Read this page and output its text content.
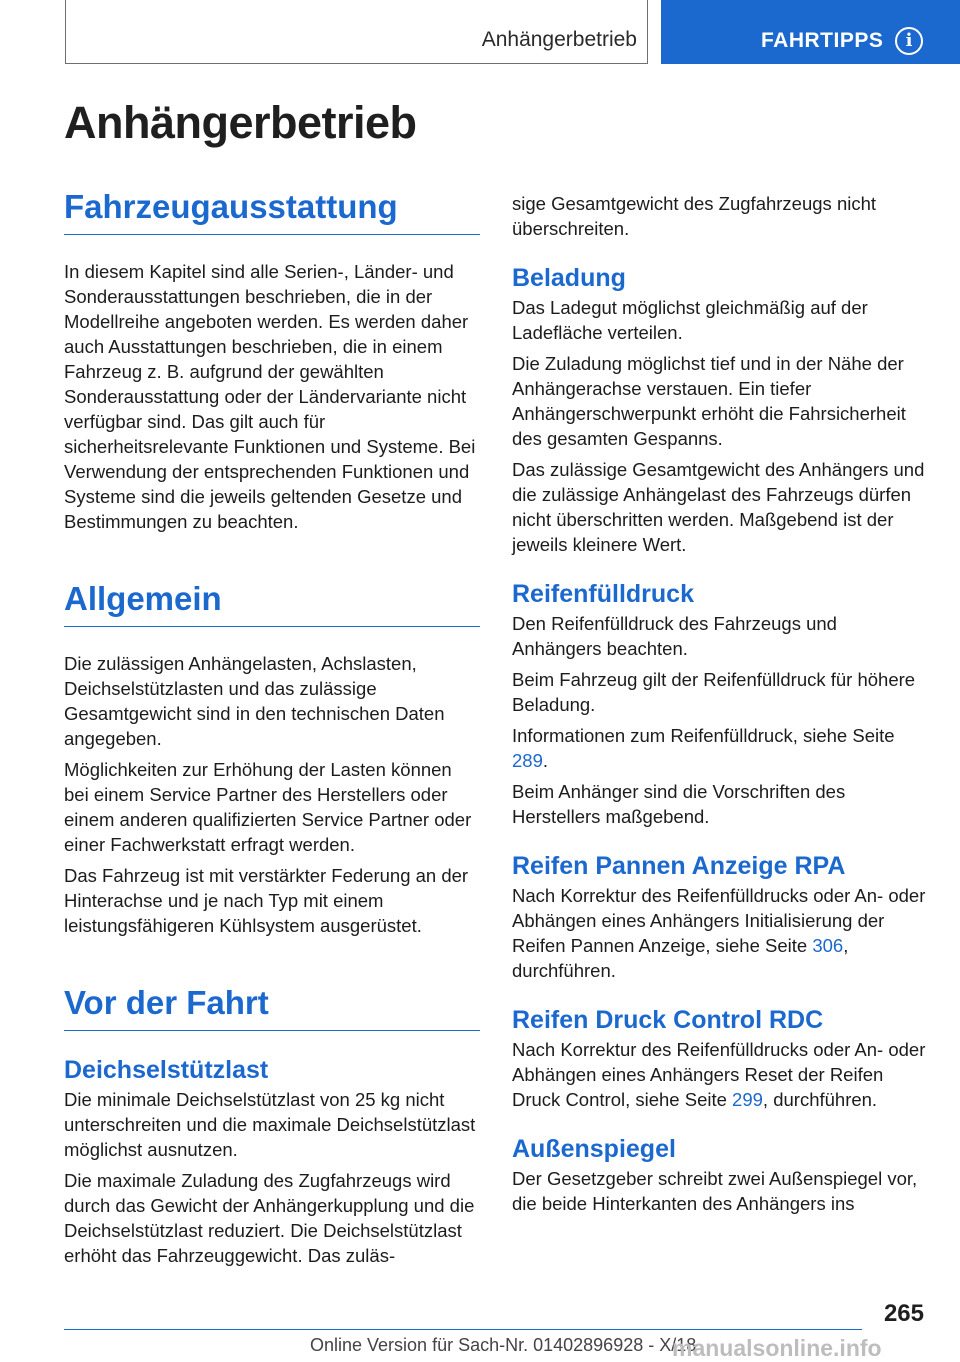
Anhängerbetrieb	FAHRTIPPS	i
Anhängerbetrieb
Fahrzeugausstattung

In diesem Kapitel sind alle Serien-, Länder- und Sonderausstattungen beschrieben, die in der Modellreihe angeboten werden. Es werden daher auch Ausstattungen beschrieben, die in einem Fahrzeug z. B. aufgrund der gewählten Sonderausstattung oder der Ländervariante nicht verfügbar sind. Das gilt auch für sicherheitsrelevante Funktionen und Systeme. Bei Verwendung der entsprechenden Funktionen und Systeme sind die jeweils geltenden Gesetze und Bestimmungen zu beachten.

Allgemein

Die zulässigen Anhängelasten, Achslasten, Deichselstützlasten und das zulässige Gesamtgewicht sind in den technischen Daten angegeben.

Möglichkeiten zur Erhöhung der Lasten können bei einem Service Partner des Herstellers oder einem anderen qualifizierten Service Partner oder einer Fachwerkstatt erfragt werden.

Das Fahrzeug ist mit verstärkter Federung an der Hinterachse und je nach Typ mit einem leistungsfähigeren Kühlsystem ausgerüstet.

Vor der Fahrt
Deichselstützlast

Die minimale Deichselstützlast von 25 kg nicht unterschreiten und die maximale Deichselstützlast möglichst ausnutzen.

Die maximale Zuladung des Zugfahrzeugs wird durch das Gewicht der Anhängerkupplung und die Deichselstützlast reduziert. Die Deichselstützlast erhöht das Fahrzeuggewicht. Das zuläs-

sige Gesamtgewicht des Zugfahrzeugs nicht überschreiten.

Beladung

Das Ladegut möglichst gleichmäßig auf der Ladefläche verteilen.

Die Zuladung möglichst tief und in der Nähe der Anhängerachse verstauen. Ein tiefer Anhängerschwerpunkt erhöht die Fahrsicherheit des gesamten Gespanns.

Das zulässige Gesamtgewicht des Anhängers und die zulässige Anhängelast des Fahrzeugs dürfen nicht überschritten werden. Maßgebend ist der jeweils kleinere Wert.

Reifenfülldruck

Den Reifenfülldruck des Fahrzeugs und Anhängers beachten.

Beim Fahrzeug gilt der Reifenfülldruck für höhere Beladung.

Informationen zum Reifenfülldruck, siehe Seite 289.

Beim Anhänger sind die Vorschriften des Herstellers maßgebend.

Reifen Pannen Anzeige RPA

Nach Korrektur des Reifenfülldrucks oder An- oder Abhängen eines Anhängers Initialisierung der Reifen Pannen Anzeige, siehe Seite 306, durchführen.

Reifen Druck Control RDC

Nach Korrektur des Reifenfülldrucks oder An- oder Abhängen eines Anhängers Reset der Reifen Druck Control, siehe Seite 299, durchführen.

Außenspiegel

Der Gesetzgeber schreibt zwei Außenspiegel vor, die beide Hinterkanten des Anhängers ins

265
Online Version für Sach-Nr. 01402896928 - X/18
manualsonline.info
